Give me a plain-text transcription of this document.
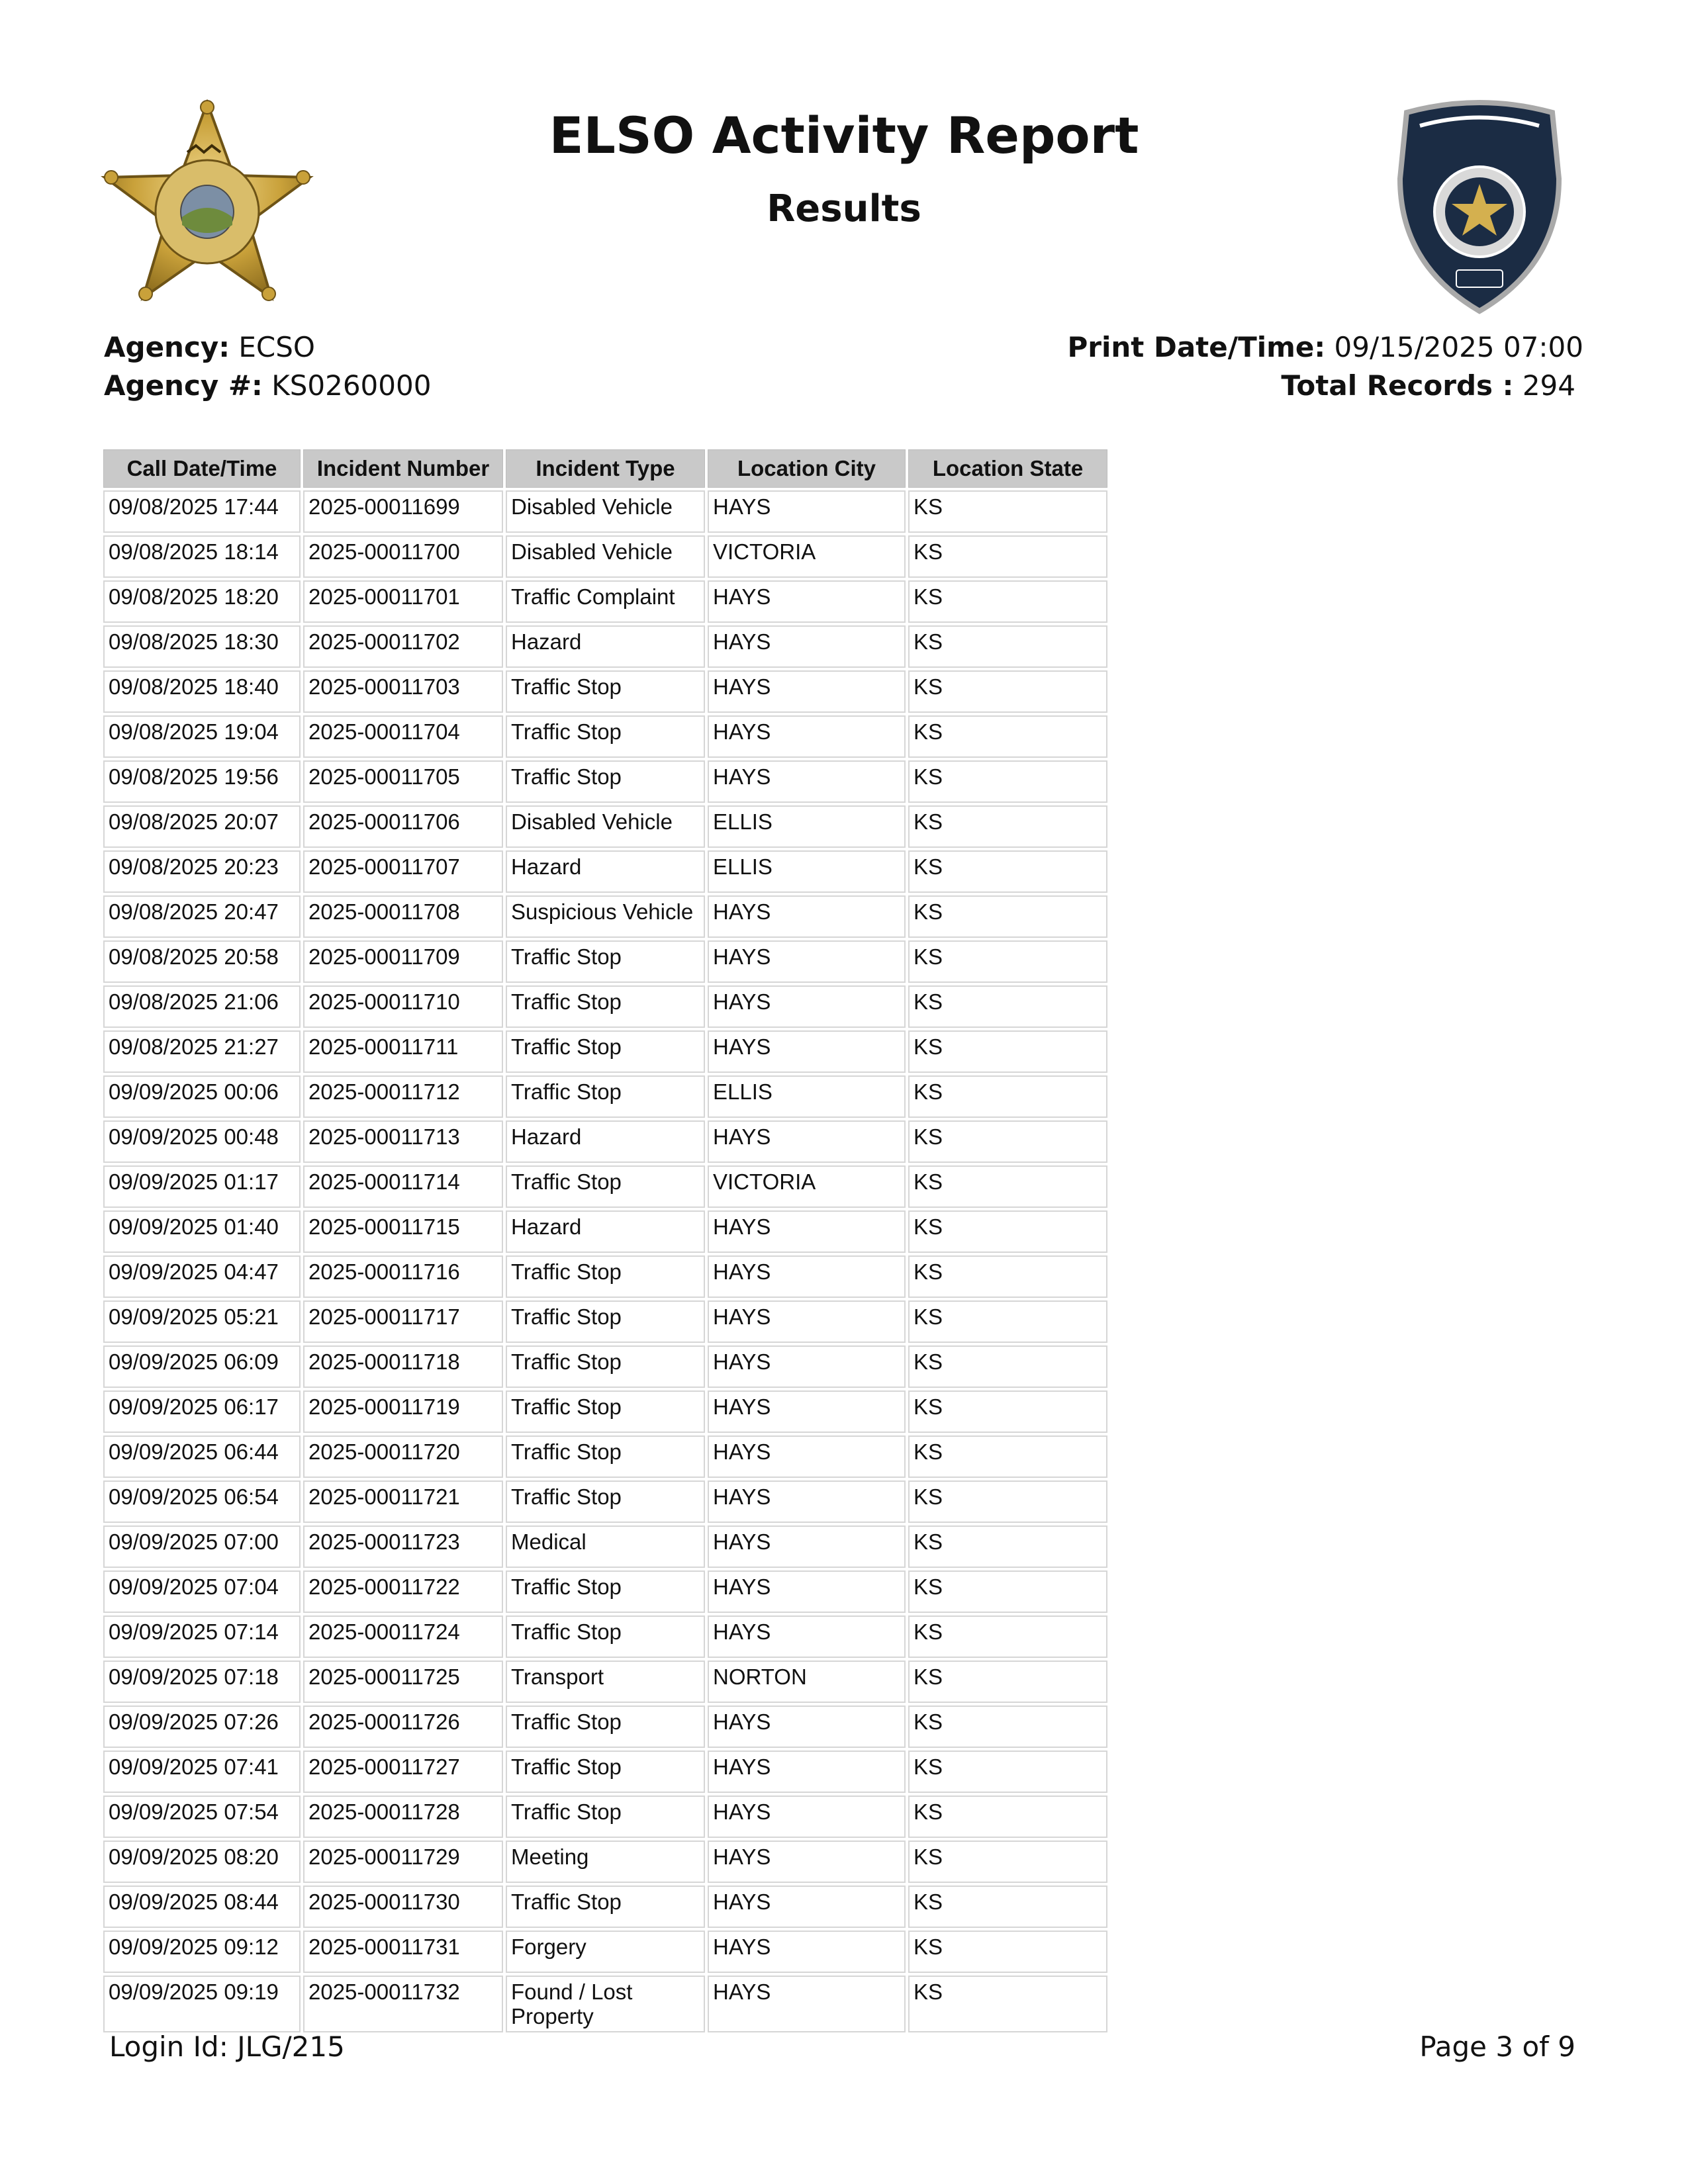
ELSO Activity Report
Results
Agency: ECSO
Agency #: KS0260000
Print Date/Time: 09/15/2025 07:00
Total Records : 294
Call Date/Time	Incident Number	Incident Type	Location City	Location State
09/08/2025 17:44	2025-00011699	Disabled Vehicle	HAYS	KS
09/08/2025 18:14	2025-00011700	Disabled Vehicle	VICTORIA	KS
09/08/2025 18:20	2025-00011701	Traffic Complaint	HAYS	KS
09/08/2025 18:30	2025-00011702	Hazard	HAYS	KS
09/08/2025 18:40	2025-00011703	Traffic Stop	HAYS	KS
09/08/2025 19:04	2025-00011704	Traffic Stop	HAYS	KS
09/08/2025 19:56	2025-00011705	Traffic Stop	HAYS	KS
09/08/2025 20:07	2025-00011706	Disabled Vehicle	ELLIS	KS
09/08/2025 20:23	2025-00011707	Hazard	ELLIS	KS
09/08/2025 20:47	2025-00011708	Suspicious Vehicle	HAYS	KS
09/08/2025 20:58	2025-00011709	Traffic Stop	HAYS	KS
09/08/2025 21:06	2025-00011710	Traffic Stop	HAYS	KS
09/08/2025 21:27	2025-00011711	Traffic Stop	HAYS	KS
09/09/2025 00:06	2025-00011712	Traffic Stop	ELLIS	KS
09/09/2025 00:48	2025-00011713	Hazard	HAYS	KS
09/09/2025 01:17	2025-00011714	Traffic Stop	VICTORIA	KS
09/09/2025 01:40	2025-00011715	Hazard	HAYS	KS
09/09/2025 04:47	2025-00011716	Traffic Stop	HAYS	KS
09/09/2025 05:21	2025-00011717	Traffic Stop	HAYS	KS
09/09/2025 06:09	2025-00011718	Traffic Stop	HAYS	KS
09/09/2025 06:17	2025-00011719	Traffic Stop	HAYS	KS
09/09/2025 06:44	2025-00011720	Traffic Stop	HAYS	KS
09/09/2025 06:54	2025-00011721	Traffic Stop	HAYS	KS
09/09/2025 07:00	2025-00011723	Medical	HAYS	KS
09/09/2025 07:04	2025-00011722	Traffic Stop	HAYS	KS
09/09/2025 07:14	2025-00011724	Traffic Stop	HAYS	KS
09/09/2025 07:18	2025-00011725	Transport	NORTON	KS
09/09/2025 07:26	2025-00011726	Traffic Stop	HAYS	KS
09/09/2025 07:41	2025-00011727	Traffic Stop	HAYS	KS
09/09/2025 07:54	2025-00011728	Traffic Stop	HAYS	KS
09/09/2025 08:20	2025-00011729	Meeting	HAYS	KS
09/09/2025 08:44	2025-00011730	Traffic Stop	HAYS	KS
09/09/2025 09:12	2025-00011731	Forgery	HAYS	KS
09/09/2025 09:19	2025-00011732	Found / Lost Property	HAYS	KS
Login Id: JLG/215	Page 3 of 9
